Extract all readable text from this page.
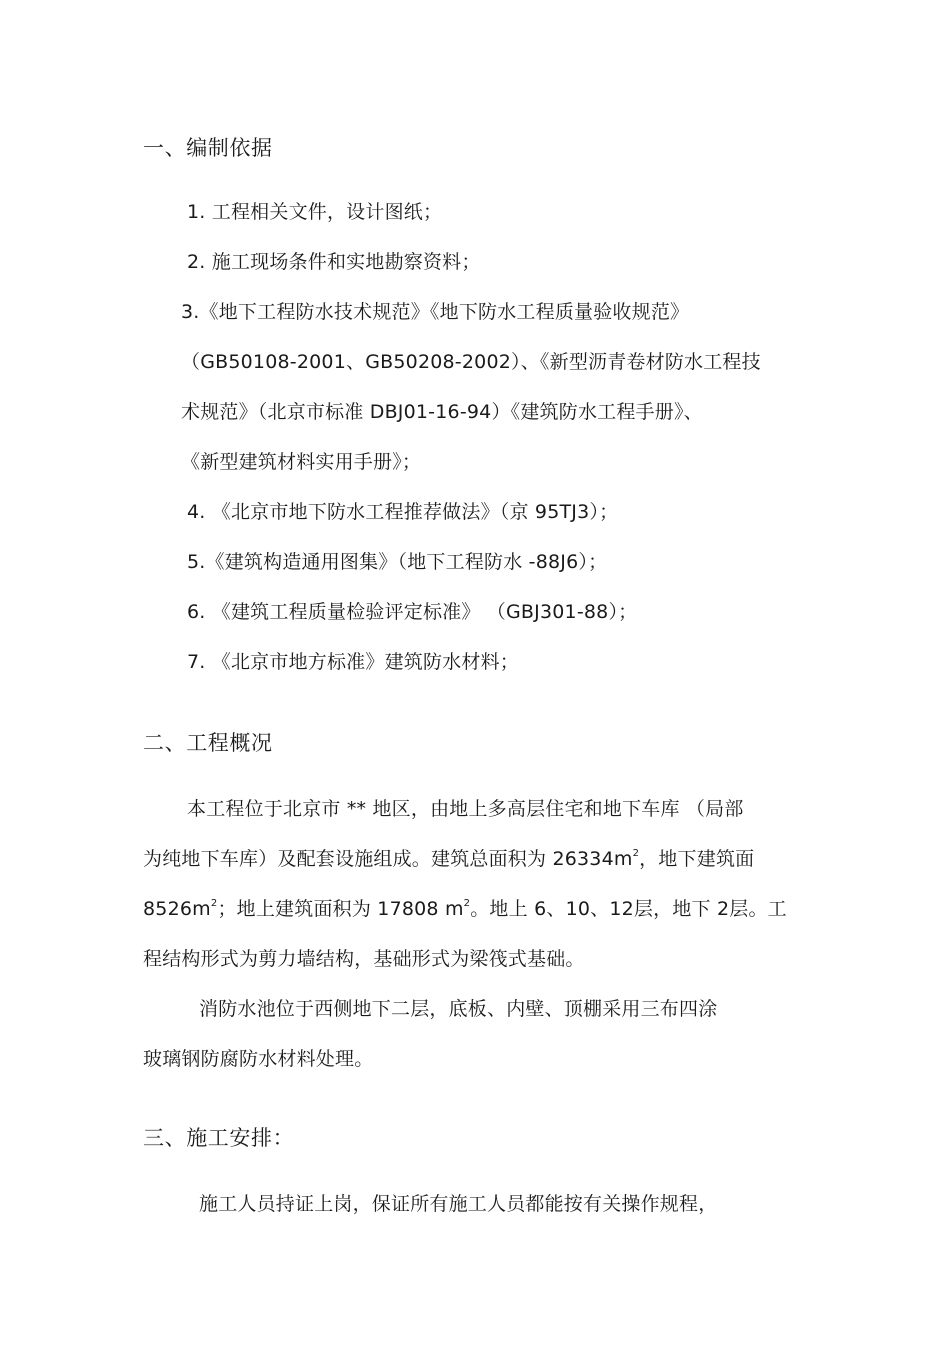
一、编制依据
1. 工程相关文件，设计图纸；
2. 施工现场条件和实地勘察资料；
3.《地下工程防水技术规范》《地下防水工程质量验收规范》
（GB50108-2001、GB50208-2002）、《新型沥青卷材防水工程技
术规范》（北京市标准 DBJ01-16-94）《建筑防水工程手册》、
《新型建筑材料实用手册》；
4. 《北京市地下防水工程推荐做法》（京 95TJ3）；
5.《建筑构造通用图集》（地下工程防水 -88J6）；
6. 《建筑工程质量检验评定标准》 （GBJ301-88）；
7. 《北京市地方标准》建筑防水材料；
二、工程概况
本工程位于北京市 ** 地区，由地上多高层住宅和地下车库 （局部
为纯地下车库）及配套设施组成。建筑总面积为 $26334m^2$，地下建筑面
$8526m^2$；地上建筑面积为 17808 $m^2$。地上 6、10、12层，地下 2层。工
程结构形式为剪力墙结构，基础形式为梁筏式基础。
消防水池位于西侧地下二层，底板、内壁、顶棚采用三布四涂
玻璃钢防腐防水材料处理。
三、施工安排：
施工人员持证上岗，保证所有施工人员都能按有关操作规程，
